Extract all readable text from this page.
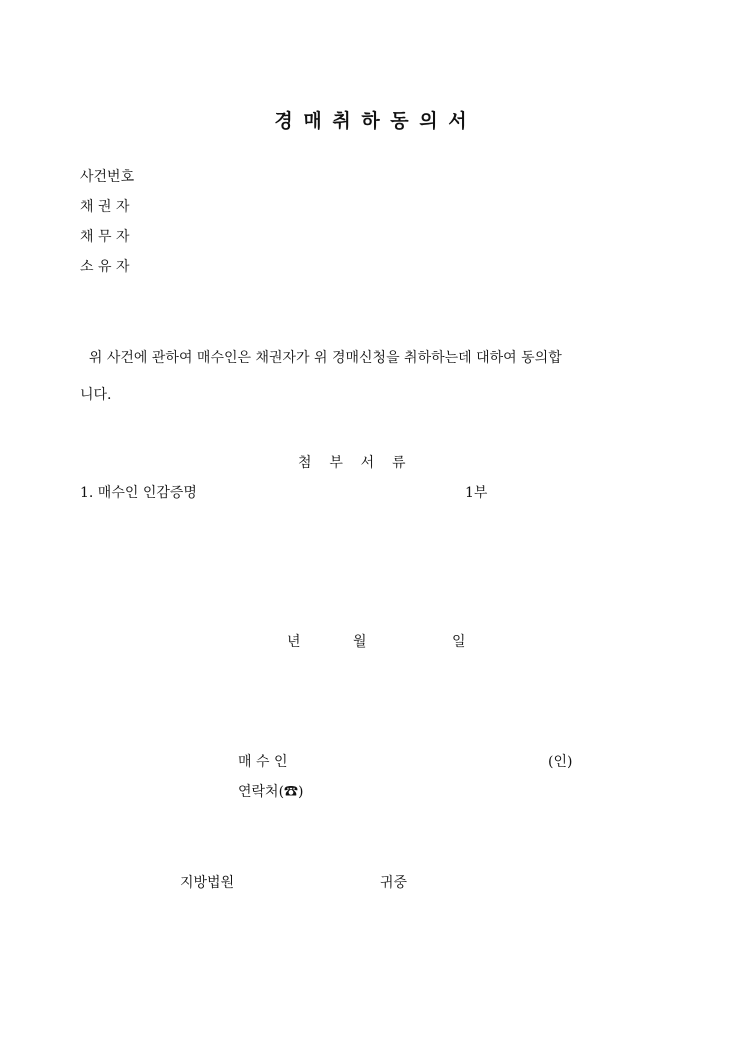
경 매 취 하 동 의 서
사건번호
채 권 자
채 무 자
소 유 자
위 사건에 관하여 매수인은 채권자가 위 경매신청을 취하하는데 대하여 동의합
니다.
첨    부    서    류
1. 매수인 인감증명	1부
년	월	일
매 수 인	(인)
연락처(☎)
지방법원	귀중
